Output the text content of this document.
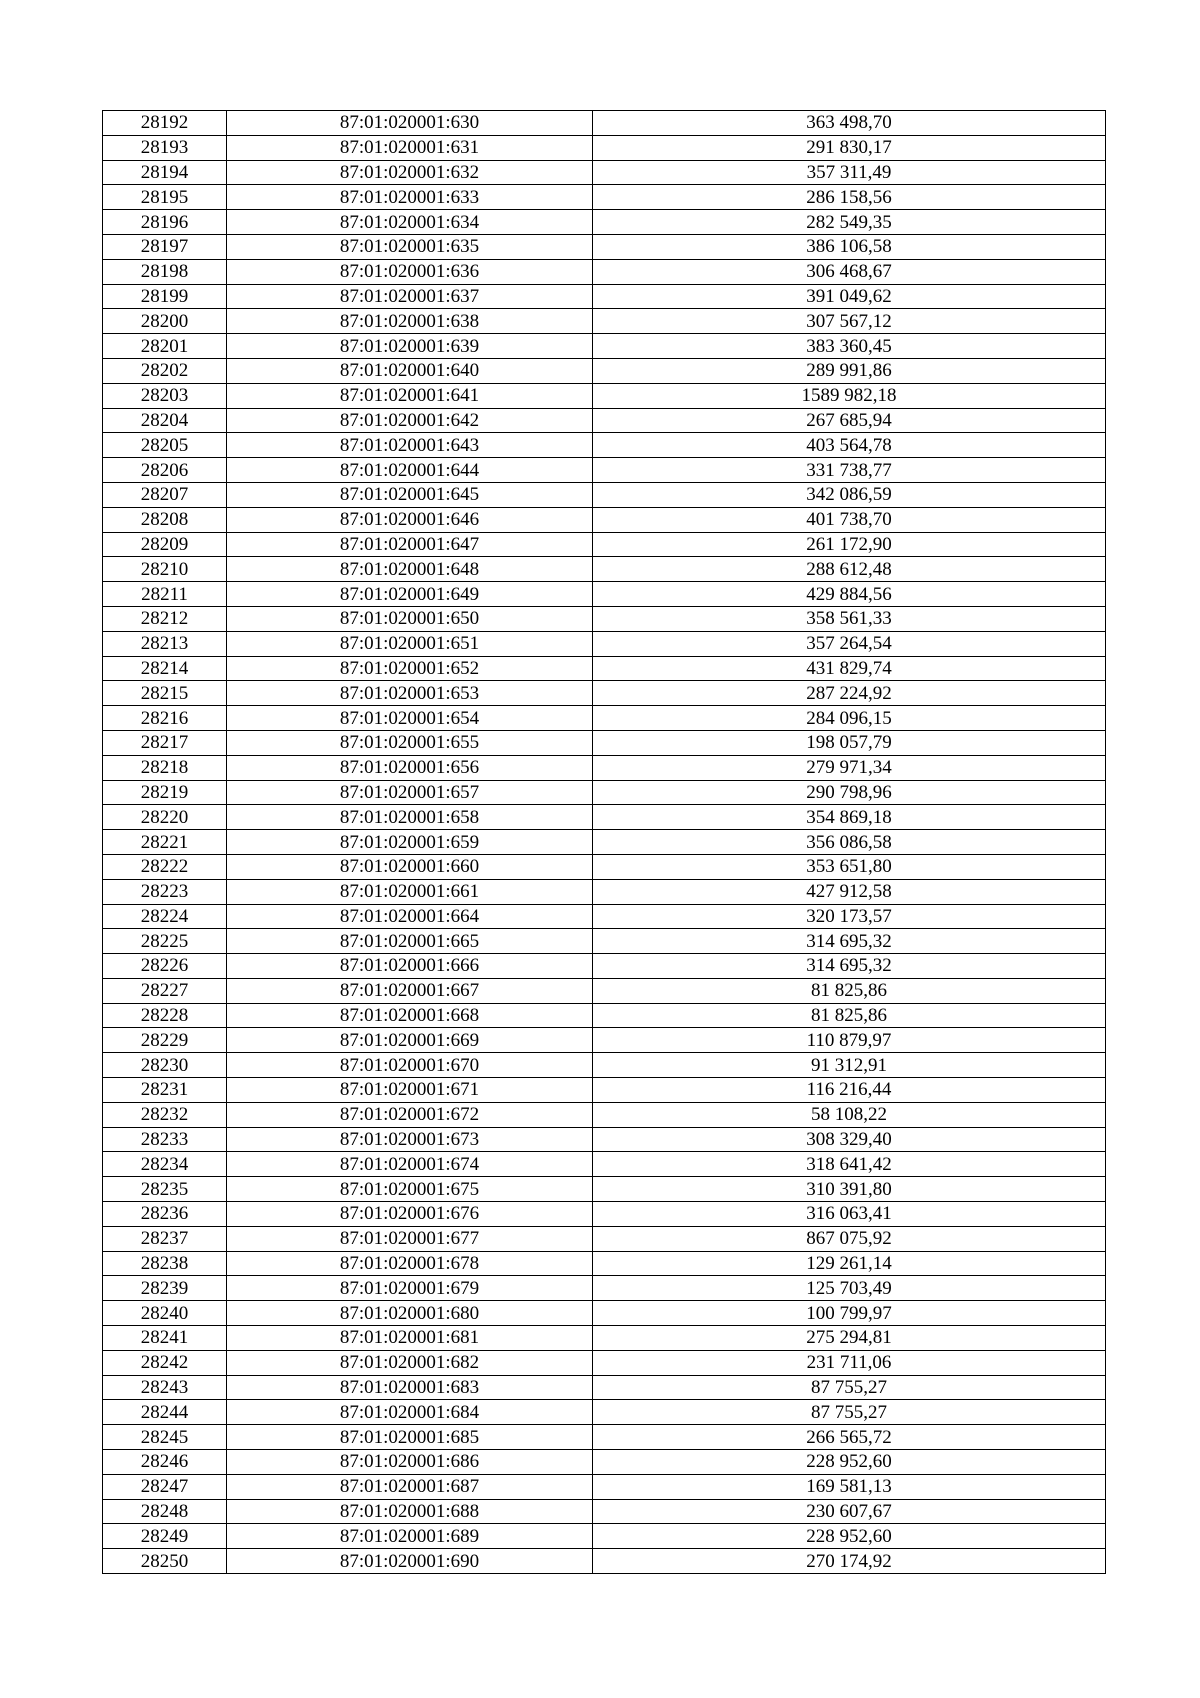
28192	87:01:020001:630	363 498,70
28193	87:01:020001:631	291 830,17
28194	87:01:020001:632	357 311,49
28195	87:01:020001:633	286 158,56
28196	87:01:020001:634	282 549,35
28197	87:01:020001:635	386 106,58
28198	87:01:020001:636	306 468,67
28199	87:01:020001:637	391 049,62
28200	87:01:020001:638	307 567,12
28201	87:01:020001:639	383 360,45
28202	87:01:020001:640	289 991,86
28203	87:01:020001:641	1589 982,18
28204	87:01:020001:642	267 685,94
28205	87:01:020001:643	403 564,78
28206	87:01:020001:644	331 738,77
28207	87:01:020001:645	342 086,59
28208	87:01:020001:646	401 738,70
28209	87:01:020001:647	261 172,90
28210	87:01:020001:648	288 612,48
28211	87:01:020001:649	429 884,56
28212	87:01:020001:650	358 561,33
28213	87:01:020001:651	357 264,54
28214	87:01:020001:652	431 829,74
28215	87:01:020001:653	287 224,92
28216	87:01:020001:654	284 096,15
28217	87:01:020001:655	198 057,79
28218	87:01:020001:656	279 971,34
28219	87:01:020001:657	290 798,96
28220	87:01:020001:658	354 869,18
28221	87:01:020001:659	356 086,58
28222	87:01:020001:660	353 651,80
28223	87:01:020001:661	427 912,58
28224	87:01:020001:664	320 173,57
28225	87:01:020001:665	314 695,32
28226	87:01:020001:666	314 695,32
28227	87:01:020001:667	81 825,86
28228	87:01:020001:668	81 825,86
28229	87:01:020001:669	110 879,97
28230	87:01:020001:670	91 312,91
28231	87:01:020001:671	116 216,44
28232	87:01:020001:672	58 108,22
28233	87:01:020001:673	308 329,40
28234	87:01:020001:674	318 641,42
28235	87:01:020001:675	310 391,80
28236	87:01:020001:676	316 063,41
28237	87:01:020001:677	867 075,92
28238	87:01:020001:678	129 261,14
28239	87:01:020001:679	125 703,49
28240	87:01:020001:680	100 799,97
28241	87:01:020001:681	275 294,81
28242	87:01:020001:682	231 711,06
28243	87:01:020001:683	87 755,27
28244	87:01:020001:684	87 755,27
28245	87:01:020001:685	266 565,72
28246	87:01:020001:686	228 952,60
28247	87:01:020001:687	169 581,13
28248	87:01:020001:688	230 607,67
28249	87:01:020001:689	228 952,60
28250	87:01:020001:690	270 174,92
